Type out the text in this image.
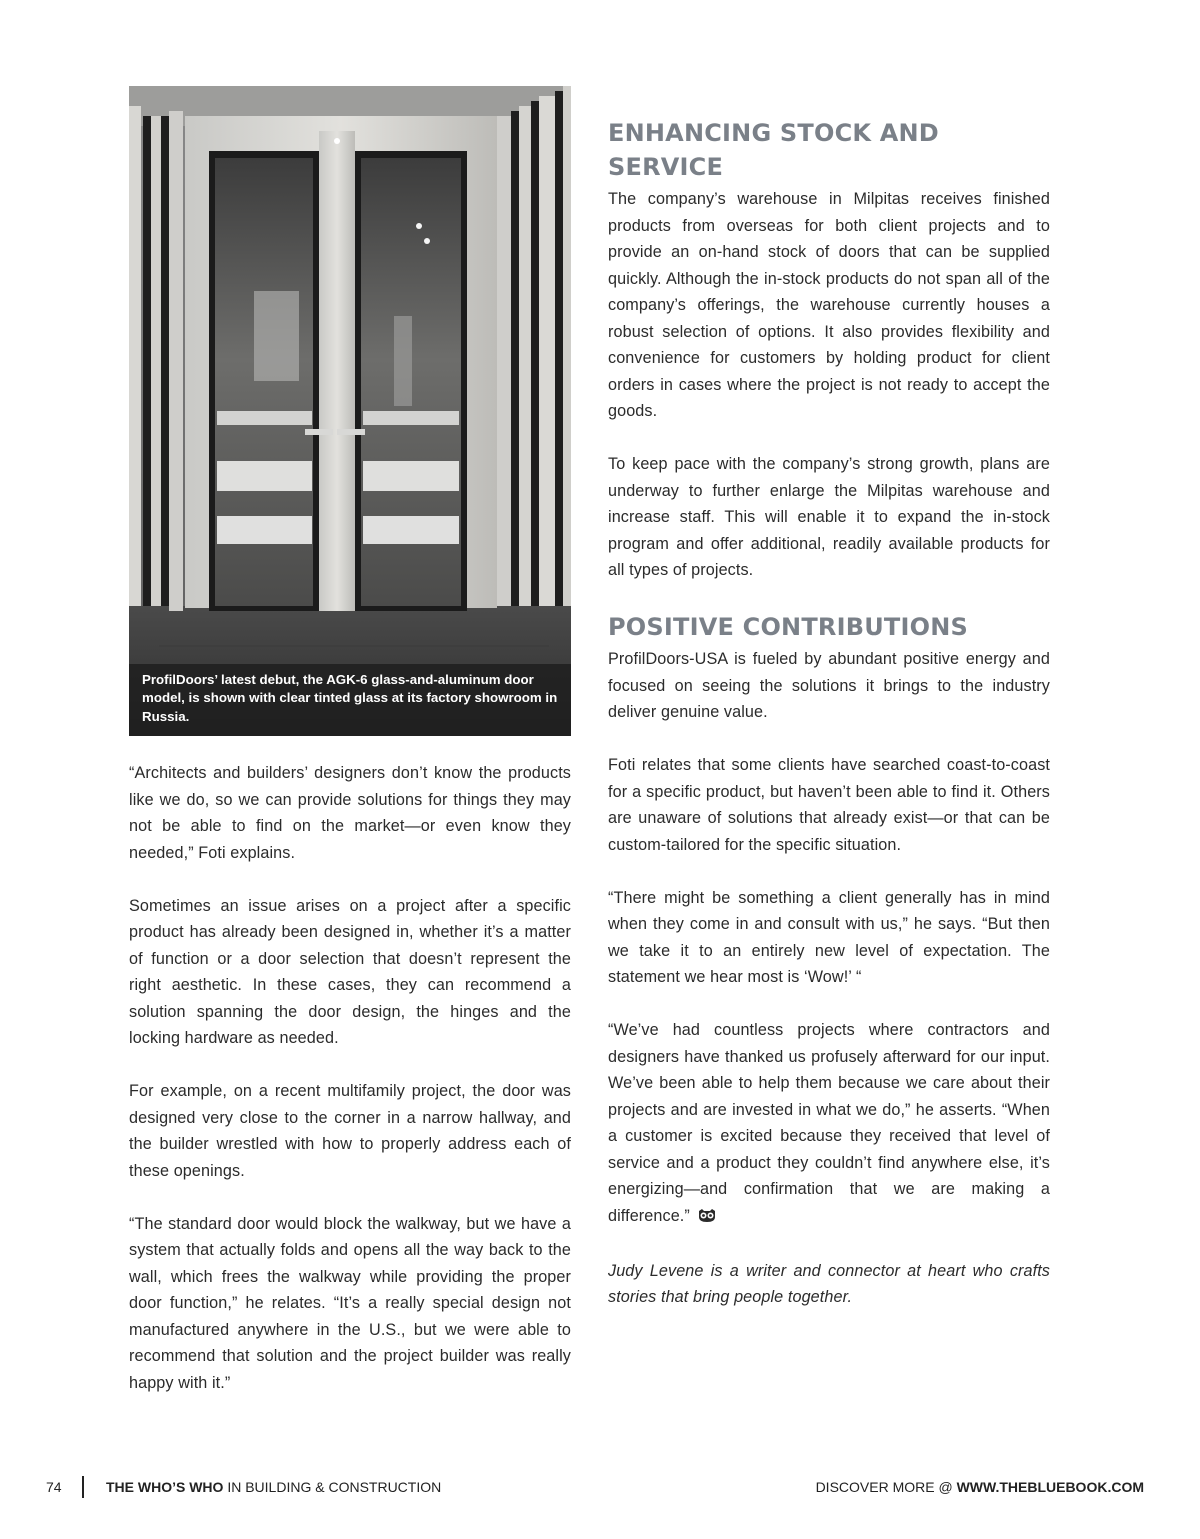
ProfilDoors’ latest debut, the AGK-6 glass-and-aluminum door model, is shown with clear tinted glass at its factory showroom in Russia.

“Architects and builders’ designers don’t know the products like we do, so we can provide solutions for things they may not be able to find on the market—or even know they needed,” Foti explains.

Sometimes an issue arises on a project after a specific product has already been designed in, whether it’s a matter of function or a door selection that doesn’t represent the right aesthetic. In these cases, they can recommend a solution spanning the door design, the hinges and the locking hardware as needed.

For example, on a recent multifamily project, the door was designed very close to the corner in a narrow hallway, and the builder wrestled with how to properly address each of these openings.

“The standard door would block the walkway, but we have a system that actually folds and opens all the way back to the wall, which frees the walkway while providing the proper door function,” he relates. “It’s a really special design not manufactured anywhere in the U.S., but we were able to recommend that solution and the project builder was really happy with it.”

ENHANCING STOCK AND SERVICE

The company’s warehouse in Milpitas receives finished products from overseas for both client projects and to provide an on-hand stock of doors that can be supplied quickly. Although the in-stock products do not span all of the company’s offerings, the warehouse currently houses a robust selection of options. It also provides flexibility and convenience for customers by holding product for client orders in cases where the project is not ready to accept the goods.

To keep pace with the company’s strong growth, plans are underway to further enlarge the Milpitas warehouse and increase staff. This will enable it to expand the in-stock program and offer additional, readily available products for all types of projects.

POSITIVE CONTRIBUTIONS

ProfilDoors-USA is fueled by abundant positive energy and focused on seeing the solutions it brings to the industry deliver genuine value.

Foti relates that some clients have searched coast-to-coast for a specific product, but haven’t been able to find it. Others are unaware of solutions that already exist—or that can be custom-tailored for the specific situation.

“There might be something a client generally has in mind when they come in and consult with us,” he says. “But then we take it to an entirely new level of expectation. The statement we hear most is ‘Wow!’ “

“We’ve had countless projects where contractors and designers have thanked us profusely afterward for our input. We’ve been able to help them because we care about their projects and are invested in what we do,” he asserts. “When a customer is excited because they received that level of service and a product they couldn’t find anywhere else, it’s energizing—and confirmation that we are making a difference.”

Judy Levene is a writer and connector at heart who crafts stories that bring people together.

74	THE WHO’S WHO IN BUILDING & CONSTRUCTION	DISCOVER MORE @ WWW.THEBLUEBOOK.COM
